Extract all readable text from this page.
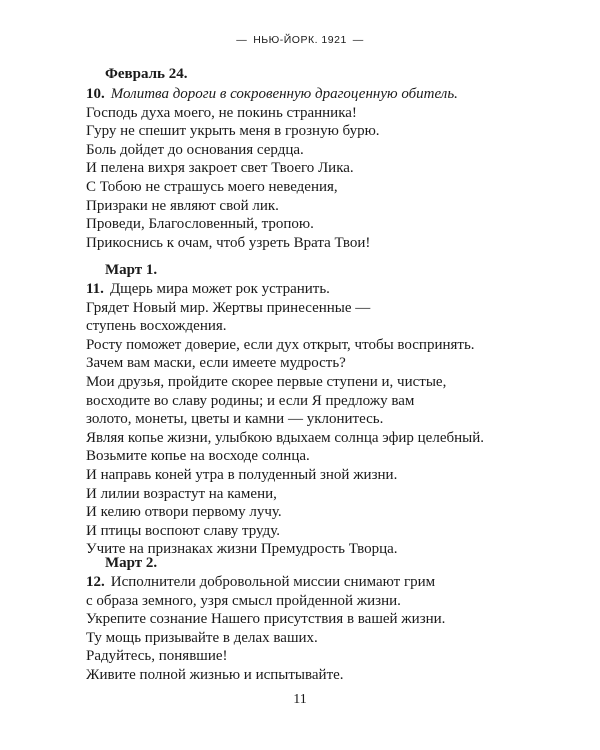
— НЬЮ-ЙОРК. 1921 —
Февраль 24.
10. Молитва дороги в сокровенную драгоценную обитель.
Господь духа моего, не покинь странника!
Гуру не спешит укрыть меня в грозную бурю.
Боль дойдет до основания сердца.
И пелена вихря закроет свет Твоего Лика.
С Тобою не страшусь моего неведения,
Призраки не являют свой лик.
Проведи, Благословенный, тропою.
Прикоснись к очам, чтоб узреть Врата Твои!
Март 1.
11. Дщерь мира может рок устранить.
Грядет Новый мир. Жертвы принесенные —
ступень восхождения.
Росту поможет доверие, если дух открыт, чтобы воспринять.
Зачем вам маски, если имеете мудрость?
Мои друзья, пройдите скорее первые ступени и, чистые,
восходите во славу родины; и если Я предложу вам
золото, монеты, цветы и камни — уклонитесь.
Являя копье жизни, улыбкою вдыхаем солнца эфир целебный.
Возьмите копье на восходе солнца.
И направь коней утра в полуденный зной жизни.
И лилии возрастут на камени,
И келию отвори первому лучу.
И птицы воспоют славу труду.
Учите на признаках жизни Премудрость Творца.
Март 2.
12. Исполнители добровольной миссии снимают грим
с образа земного, узря смысл пройденной жизни.
Укрепите сознание Нашего присутствия в вашей жизни.
Ту мощь призывайте в делах ваших.
Радуйтесь, понявшие!
Живите полной жизнью и испытывайте.
11
